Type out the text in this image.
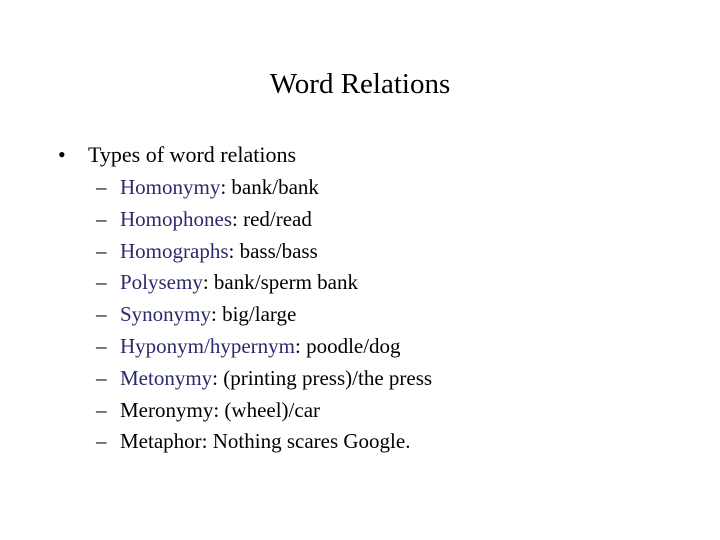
Word Relations
• Types of word relations
– Homonymy: bank/bank
– Homophones: red/read
– Homographs: bass/bass
– Polysemy: bank/sperm bank
– Synonymy: big/large
– Hyponym/hypernym: poodle/dog
– Metonymy: (printing press)/the press
– Meronymy: (wheel)/car
– Metaphor: Nothing scares Google.
